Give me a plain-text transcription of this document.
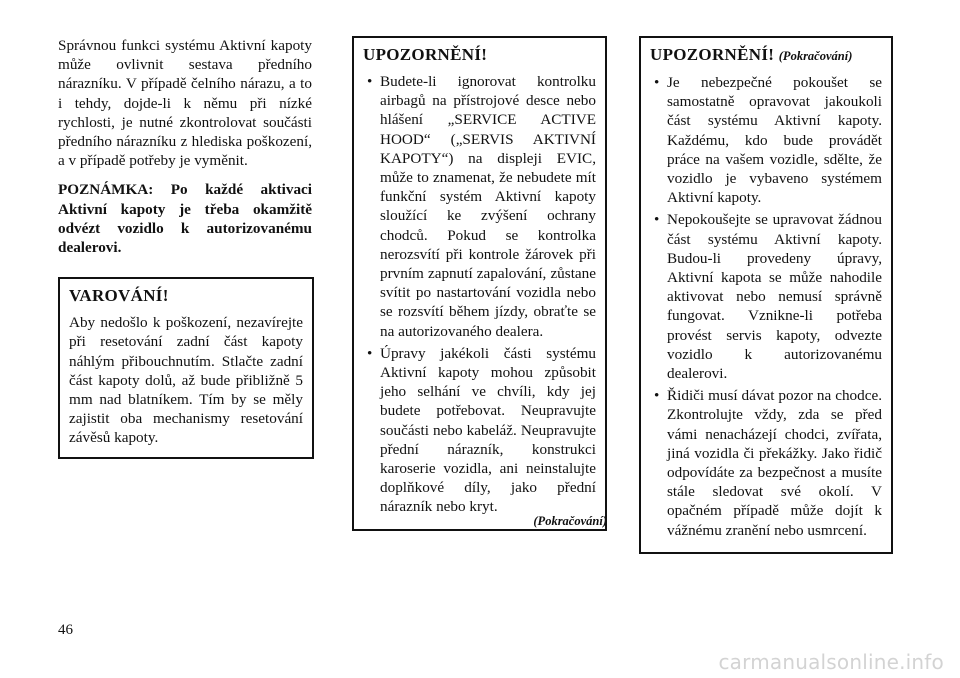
Správnou funkci systému Aktivní kapoty může ovlivnit sestava předního nárazníku. V případě čelního nárazu, a to i tehdy, dojde-li k němu při nízké rychlosti, je nutné zkontrolovat součásti předního nárazníku z hlediska poškození, a v případě potřeby je vyměnit.

POZNÁMKA: Po každé aktivaci Aktivní kapoty je třeba okamžitě odvézt vozidlo k autorizovanému dealerovi.

VAROVÁNÍ!

Aby nedošlo k poškození, nezavírejte při resetování zadní část kapoty náhlým přibouchnutím. Stlačte zadní část kapoty dolů, až bude přibližně 5 mm nad blatníkem. Tím by se měly zajistit oba mechanismy resetování závěsů kapoty.

UPOZORNĚNÍ!
• Budete-li ignorovat kontrolku airbagů na přístrojové desce nebo hlášení „SERVICE ACTIVE HOOD“ („SERVIS AKTIVNÍ KAPOTY“) na displeji EVIC, může to znamenat, že nebudete mít funkční systém Aktivní kapoty sloužící ke zvýšení ochrany chodců. Pokud se kontrolka nerozsvítí při kontrole žárovek při prvním zapnutí zapalování, zůstane svítit po nastartování vozidla nebo se rozsvítí během jízdy, obraťte se na autorizovaného dealera.
• Úpravy jakékoli části systému Aktivní kapoty mohou způsobit jeho selhání ve chvíli, kdy jej budete potřebovat. Neupravujte součásti nebo kabeláž. Neupravujte přední nárazník, konstrukci karoserie vozidla, ani neinstalujte doplňkové díly, jako přední nárazník nebo kryt.
(Pokračování)
UPOZORNĚNÍ! (Pokračování)
• Je nebezpečné pokoušet se samostatně opravovat jakoukoli část systému Aktivní kapoty. Každému, kdo bude provádět práce na vašem vozidle, sdělte, že vozidlo je vybaveno systémem Aktivní kapoty.
• Nepokoušejte se upravovat žádnou část systému Aktivní kapoty. Budou-li provedeny úpravy, Aktivní kapota se může nahodile aktivovat nebo nemusí správně fungovat. Vznikne-li potřeba provést servis kapoty, odvezte vozidlo k autorizovanému dealerovi.
• Řidiči musí dávat pozor na chodce. Zkontrolujte vždy, zda se před vámi nenacházejí chodci, zvířata, jiná vozidla či překážky. Jako řidič odpovídáte za bezpečnost a musíte stále sledovat své okolí. V opačném případě může dojít k vážnému zranění nebo usmrcení.
46
carmanualsonline.info
